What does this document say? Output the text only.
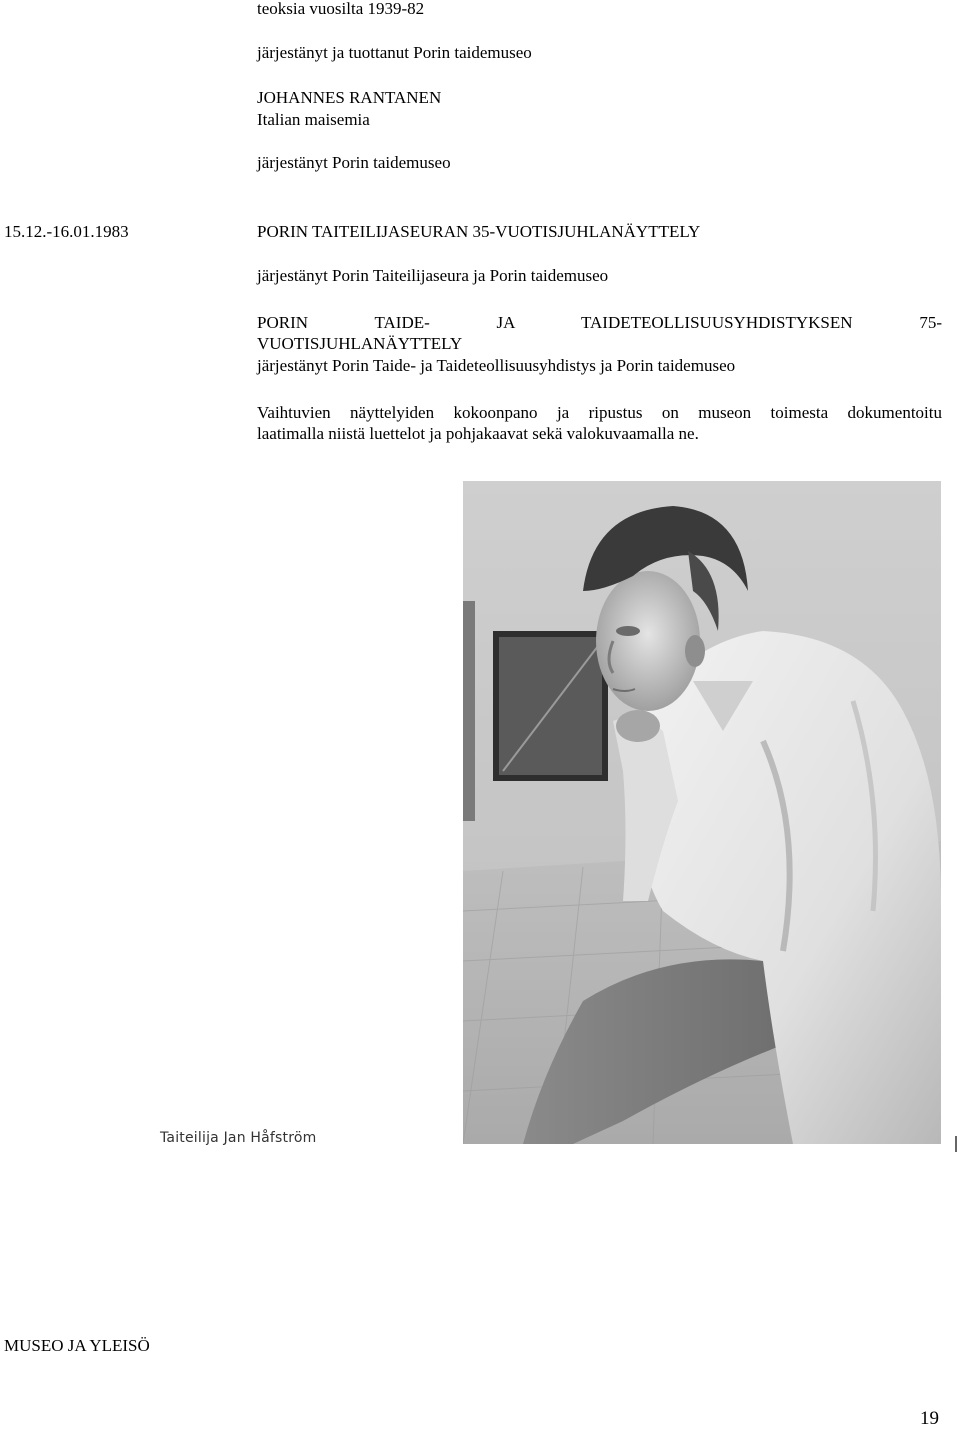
teoksia vuosilta 1939-82
järjestänyt ja tuottanut Porin taidemuseo
JOHANNES RANTANEN
Italian maisemia
järjestänyt Porin taidemuseo
15.12.-16.01.1983	PORIN TAITEILIJASEURAN 35-VUOTISJUHLANÄYTTELY
järjestänyt Porin Taiteilijaseura ja Porin taidemuseo
PORIN TAIDE- JA TAIDETEOLLISUUSYHDISTYKSEN 75-
VUOTISJUHLANÄYTTELY
järjestänyt Porin Taide- ja Taideteollisuusyhdistys ja Porin taidemuseo
Vaihtuvien näyttelyiden kokoonpano ja ripustus on museon toimesta dokumentoitu
laatimalla niistä luettelot ja pohjakaavat sekä valokuvaamalla ne.
Taiteilija Jan Håfström
MUSEO JA YLEISÖ
19
